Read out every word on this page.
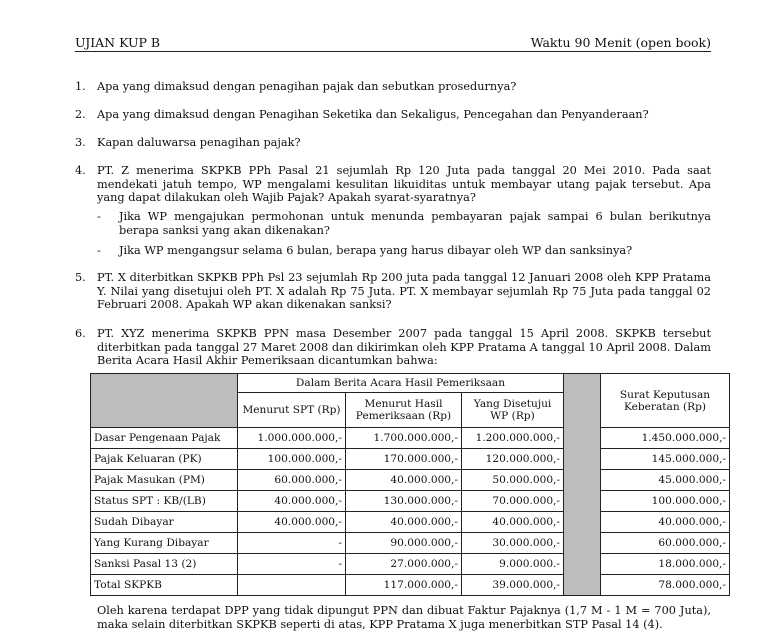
UJIAN KUP B	Waktu 90 Menit (open book)
1. Apa yang dimaksud dengan penagihan pajak dan sebutkan prosedurnya?
2. Apa yang dimaksud dengan Penagihan Seketika dan Sekaligus, Pencegahan dan Penyanderaan?
3. Kapan daluwarsa penagihan pajak?
4. PT. Z menerima SKPKB PPh Pasal 21 sejumlah Rp 120 Juta pada tanggal 20 Mei 2010. Pada saat mendekati jatuh tempo, WP mengalami kesulitan likuiditas untuk membayar utang pajak tersebut. Apa yang dapat dilakukan oleh Wajib Pajak? Apakah syarat-syaratnya?
- Jika WP mengajukan permohonan untuk menunda pembayaran pajak sampai 6 bulan berikutnya berapa sanksi yang akan dikenakan?
- Jika WP mengangsur selama 6 bulan, berapa yang harus dibayar oleh WP dan sanksinya?
5. PT. X diterbitkan SKPKB PPh Psl 23 sejumlah Rp 200 juta pada tanggal 12 Januari 2008 oleh KPP Pratama Y. Nilai yang disetujui oleh PT. X adalah Rp 75 Juta. PT. X membayar sejumlah Rp 75 Juta pada tanggal 02 Februari 2008. Apakah WP akan dikenakan sanksi?
6. PT. XYZ menerima SKPKB PPN masa Desember 2007 pada tanggal 15 April 2008. SKPKB tersebut diterbitkan pada tanggal 27 Maret 2008 dan dikirimkan oleh KPP Pratama A tanggal 10 April 2008. Dalam Berita Acara Hasil Akhir Pemeriksaan dicantumkan bahwa:
	Dalam Berita Acara Hasil Pemeriksaan				Surat Keputusan Keberatan (Rp)
	Menurut SPT (Rp)	Menurut Hasil Pemeriksaan (Rp)	Yang Disetujui WP (Rp)		
Dasar Pengenaan Pajak	1.000.000.000,-	1.700.000.000,-	1.200.000.000,-		1.450.000.000,-
Pajak Keluaran (PK)	100.000.000,-	170.000.000,-	120.000.000,-		145.000.000,-
Pajak Masukan (PM)	60.000.000,-	40.000.000,-	50.000.000,-		45.000.000,-
Status SPT : KB/(LB)	40.000.000,-	130.000.000,-	70.000.000,-		100.000.000,-
Sudah Dibayar	40.000.000,-	40.000.000,-	40.000.000,-		40.000.000,-
Yang Kurang Dibayar	-	90.000.000,-	30.000.000,-		60.000.000,-
Sanksi Pasal 13 (2)	-	27.000.000,-	9.000.000.-		18.000.000,-
Total SKPKB		117.000.000,-	39.000.000,-		78.000.000,-
Oleh karena terdapat DPP yang tidak dipungut PPN dan dibuat Faktur Pajaknya (1,7 M - 1 M = 700 Juta), maka selain diterbitkan SKPKB seperti di atas, KPP Pratama X juga menerbitkan STP Pasal 14 (4).
